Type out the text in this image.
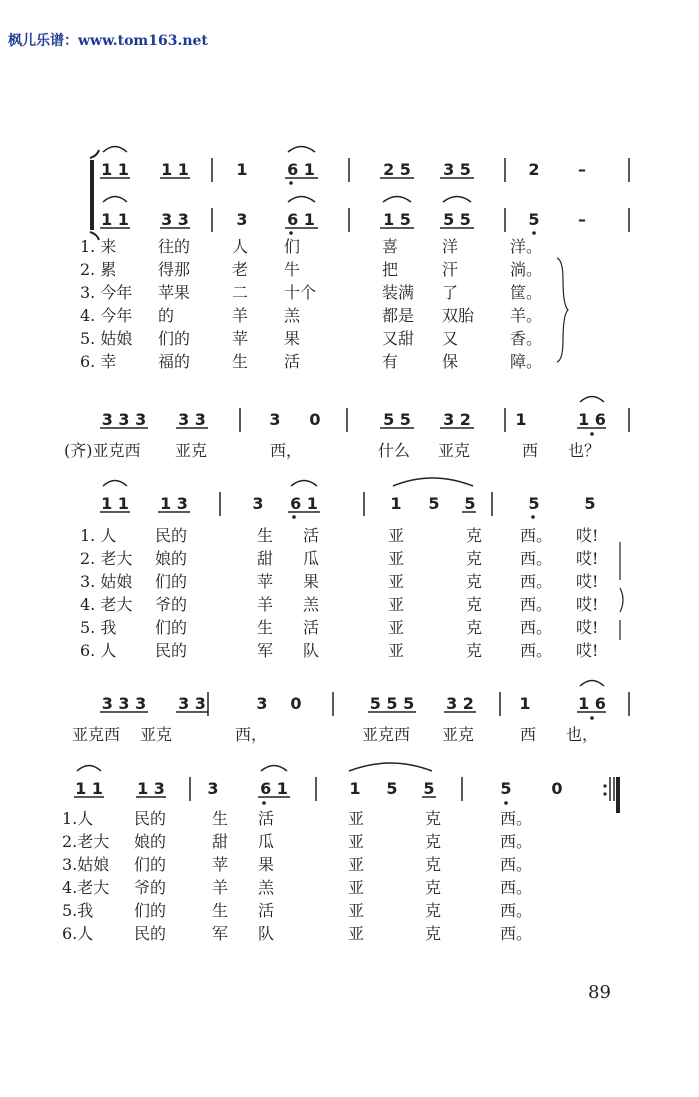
枫儿乐谱：www.tom163.net
1 1 1 1	1 6 1	2 5 3 5	2 –
1 1 3 3	3 6 1	1 5 5 5	5 –
1. 来	往的	人 们	喜	洋	洋。
2. 累	得那	老 牛	把	汗	淌。
3. 今年 苹果	二 十个	装满 了	筐。
4. 今年 的	羊 羔	都是 双胎 羊。
5. 姑娘 们的	苹 果	又甜 又	香。
6. 幸	福的	生 活	有	保	障。
3 3 3 3 3	3 0	5 5 3 2	1	1 6
(齐)亚克西 亚克	西，	什么 亚克	西 也？
1 1 1 3	3 6 1	1 5 5	5	5
1. 人 民的	生 活	亚	克 西。 哎!
2. 老大 娘的	甜 瓜	亚	克 西。 哎!
3. 姑娘 们的	苹 果	亚	克 西。 哎!
4. 老大 爷的	羊 羔	亚	克 西。 哎!
5. 我 们的	生 活	亚	克 西。 哎!
6. 人 民的	军 队	亚	克 西。 哎!
3 3 3 3 3	3 0	5 5 5 3 2	1	1 6
亚克西 亚克	西，	亚克西 亚克	西 也，
1 1 1 3	3	6 1	1 5 5	5 0
1.人	民的	生 活	亚	克	西。
2.老大 娘的	甜 瓜	亚	克	西。
3.姑娘 们的	苹 果	亚	克	西。
4.老大 爷的	羊 羔	亚	克	西。
5.我	们的	生 活	亚	克	西。
6.人	民的	军 队	亚	克	西。
89
